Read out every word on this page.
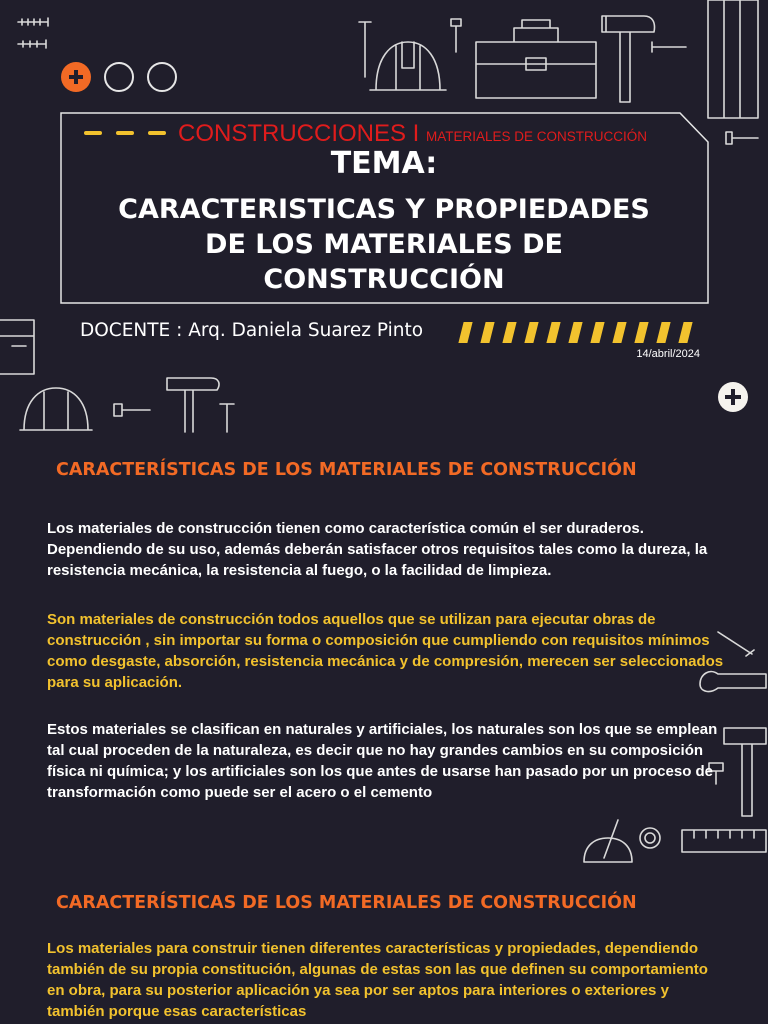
CONSTRUCCIONES I MATERIALES DE CONSTRUCCIÓN
TEMA:
CARACTERISTICAS Y PROPIEDADES
DE LOS MATERIALES DE
CONSTRUCCIÓN
DOCENTE : Arq. Daniela Suarez Pinto
14/abril/2024
CARACTERÍSTICAS DE LOS MATERIALES DE CONSTRUCCIÓN
Los materiales de construcción tienen como característica común el ser duraderos. Dependiendo de su uso, además deberán satisfacer otros requisitos tales como la dureza, la resistencia mecánica, la resistencia al fuego, o la facilidad de limpieza.
Son materiales de construcción todos aquellos que se utilizan para ejecutar obras de construcción , sin importar su forma o composición que cumpliendo con requisitos mínimos como desgaste, absorción, resistencia mecánica y de compresión, merecen ser seleccionados para su aplicación.
Estos materiales se clasifican en naturales y artificiales, los naturales son los que se emplean tal cual proceden de la naturaleza, es decir que no hay grandes cambios en su composición física ni química; y los artificiales son los que antes de usarse han pasado por un proceso de transformación como puede ser el acero o el cemento
CARACTERÍSTICAS DE LOS MATERIALES DE CONSTRUCCIÓN
Los materiales para construir tienen diferentes características y propiedades, dependiendo también de su propia constitución, algunas de estas son las que definen su comportamiento en obra, para su posterior aplicación ya sea por ser aptos para interiores o exteriores y también porque esas características
